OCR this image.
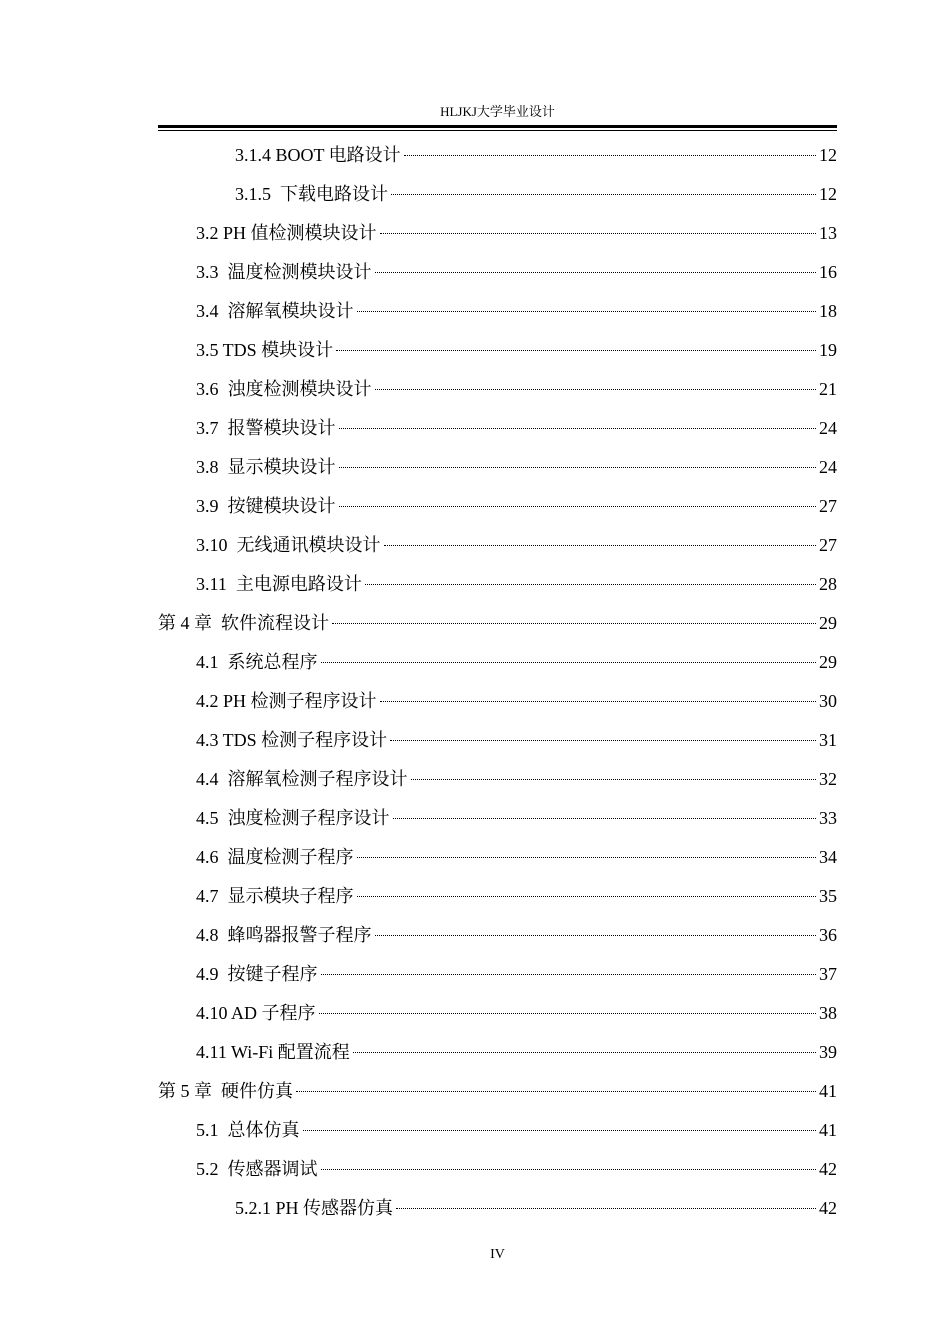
HLJKJ大学毕业设计
3.1.4 BOOT 电路设计	12
3.1.5  下载电路设计	12
3.2 PH 值检测模块设计	13
3.3  温度检测模块设计	16
3.4  溶解氧模块设计	18
3.5 TDS 模块设计	19
3.6  浊度检测模块设计	21
3.7  报警模块设计	24
3.8  显示模块设计	24
3.9  按键模块设计	27
3.10  无线通讯模块设计	27
3.11  主电源电路设计	28
第 4 章  软件流程设计	29
4.1  系统总程序	29
4.2 PH 检测子程序设计	30
4.3 TDS 检测子程序设计	31
4.4  溶解氧检测子程序设计	32
4.5  浊度检测子程序设计	33
4.6  温度检测子程序	34
4.7  显示模块子程序	35
4.8  蜂鸣器报警子程序	36
4.9  按键子程序	37
4.10 AD 子程序	38
4.11 Wi-Fi 配置流程	39
第 5 章  硬件仿真	41
5.1  总体仿真	41
5.2  传感器调试	42
5.2.1 PH 传感器仿真	42
IV
